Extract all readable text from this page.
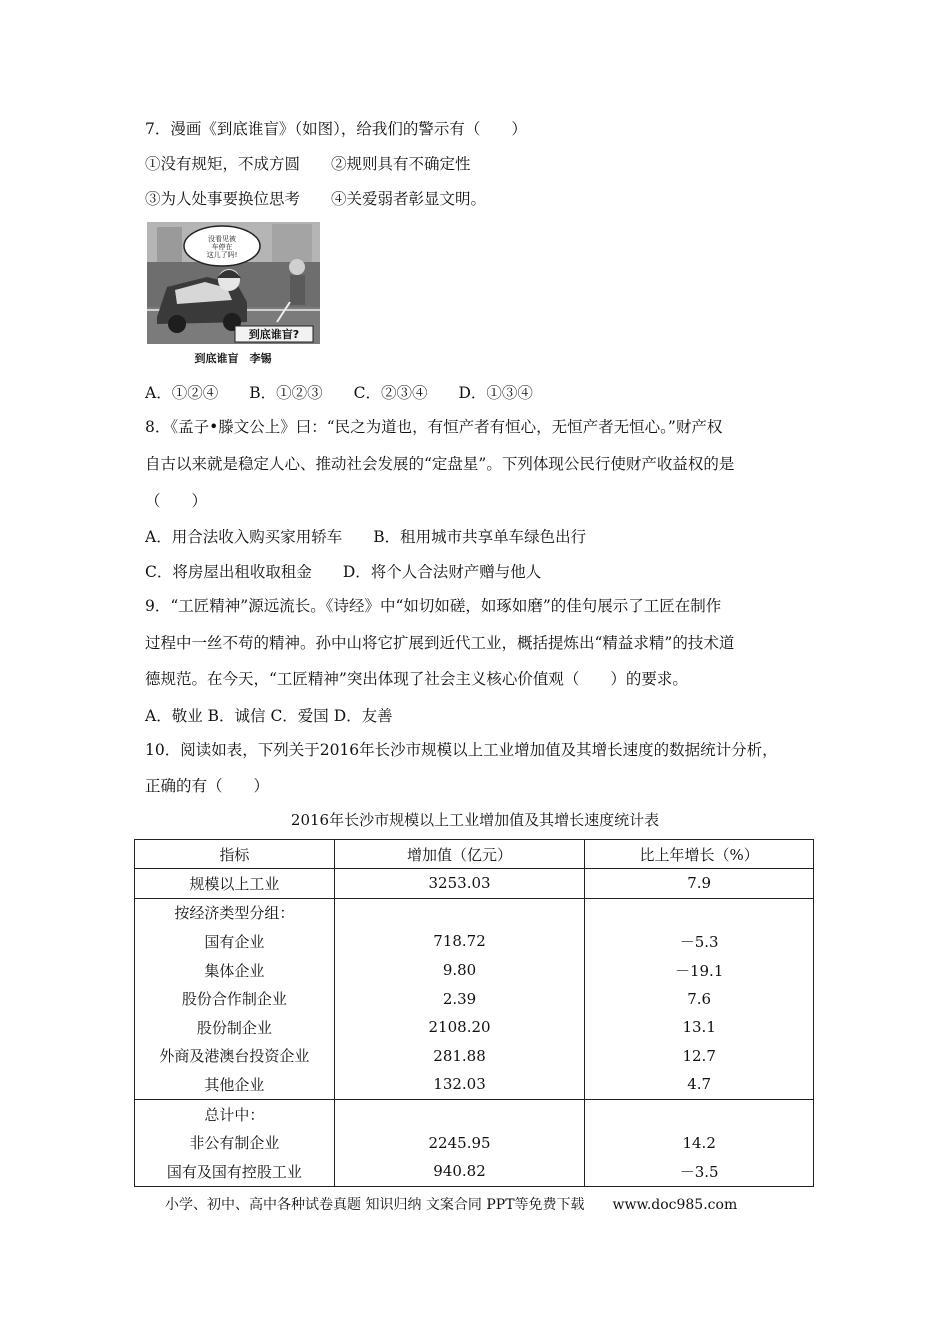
7．漫画《到底谁盲》（如图），给我们的警示有（　　）
①没有规矩，不成方圆　　②规则具有不确定性
③为人处事要换位思考　　④关爱弱者彰显文明。
没看见被
车停在
这儿了吗!
到底谁盲?
到底谁盲　李锡
A．①②④　　B．①②③　　C．②③④　　D．①③④
8．《孟子•滕文公上》曰：“民之为道也，有恒产者有恒心，无恒产者无恒心。”财产权
自古以来就是稳定人心、推动社会发展的“定盘星”。下列体现公民行使财产收益权的是
（　　）
A．用合法收入购买家用轿车　　B．租用城市共享单车绿色出行
C．将房屋出租收取租金　　D．将个人合法财产赠与他人
9．“工匠精神”源远流长。《诗经》中“如切如磋，如琢如磨”的佳句展示了工匠在制作
过程中一丝不苟的精神。孙中山将它扩展到近代工业，概括提炼出“精益求精”的技术道
德规范。在今天，“工匠精神”突出体现了社会主义核心价值观（　　）的要求。
A．敬业 B．诚信 C．爱国 D．友善
10．阅读如表，下列关于2016年长沙市规模以上工业增加值及其增长速度的数据统计分析，
正确的有（　　）
2016年长沙市规模以上工业增加值及其增长速度统计表
指标	增加值（亿元）	比上年增长（%）
规模以上工业	3253.03	7.9
按经济类型分组：		
国有企业	718.72	－5.3
集体企业	9.80	－19.1
股份合作制企业	2.39	7.6
股份制企业	2108.20	13.1
外商及港澳台投资企业	281.88	12.7
其他企业	132.03	4.7
总计中：		
非公有制企业	2245.95	14.2
国有及国有控股工业	940.82	－3.5
小学、初中、高中各种试卷真题 知识归纳 文案合同 PPT等免费下载　　www.doc985.com
